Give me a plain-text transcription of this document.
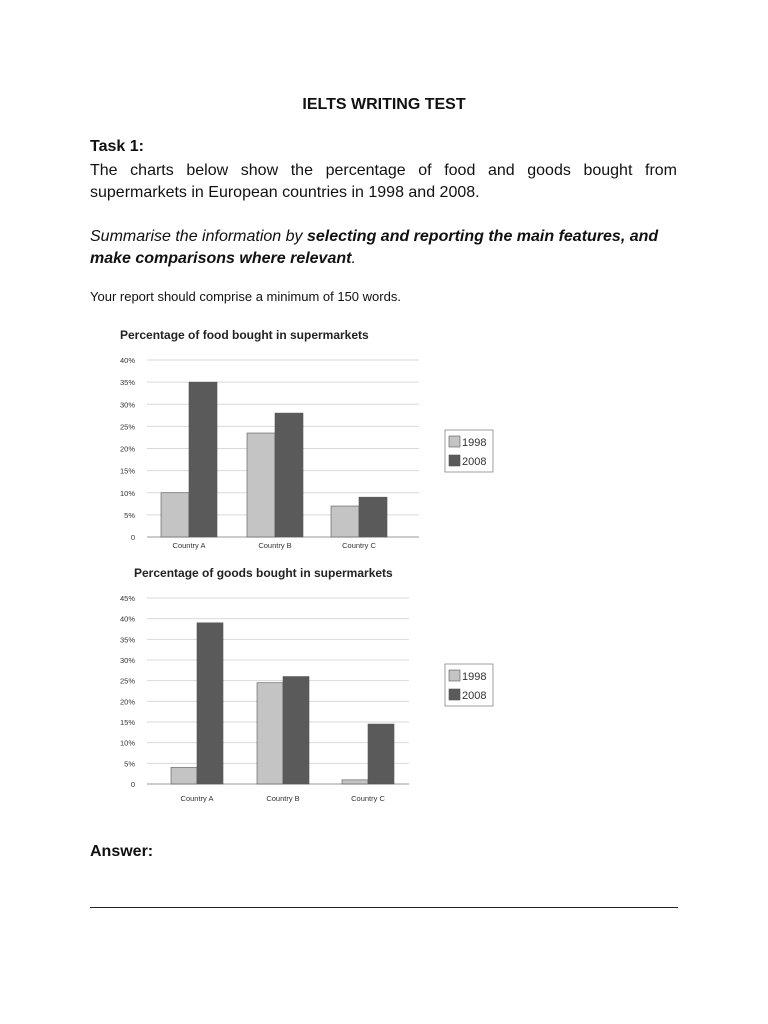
IELTS WRITING TEST
Task 1:
The charts below show the percentage of food and goods bought from supermarkets in European countries in 1998 and 2008.
Summarise the information by selecting and reporting the main features, and make comparisons where relevant.
Your report should comprise a minimum of 150 words.
Percentage of food bought in supermarkets
0
5%
10%
15%
20%
25%
30%
35%
40%
Country A	Country B	Country C
1998
2008
Percentage of goods bought in supermarkets
0
5%
10%
15%
20%
25%
30%
35%
40%
45%
Country A	Country B	Country C
1998
2008
Answer:
